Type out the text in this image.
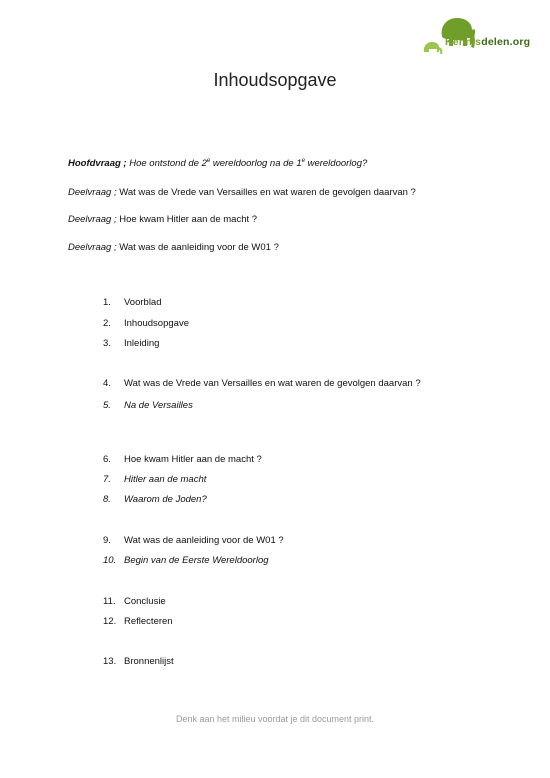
Kennisdelen.org
Inhoudsopgave
Hoofdvraag ; Hoe ontstond de 2e wereldoorlog na de 1e wereldoorlog?
Deelvraag ; Wat was de Vrede van Versailles en wat waren de gevolgen daarvan ?
Deelvraag ; Hoe kwam Hitler aan de macht ?
Deelvraag ; Wat was de aanleiding voor de W01 ?
1. Voorblad
2. Inhoudsopgave
3. Inleiding
4. Wat was de Vrede van Versailles en wat waren de gevolgen daarvan ?
5. Na de Versailles
6. Hoe kwam Hitler aan de macht ?
7. Hitler aan de macht
8. Waarom de Joden?
9. Wat was de aanleiding voor de W01 ?
10. Begin van de Eerste Wereldoorlog
11. Conclusie
12. Reflecteren
13. Bronnenlijst
Denk aan het milieu voordat je dit document print.
